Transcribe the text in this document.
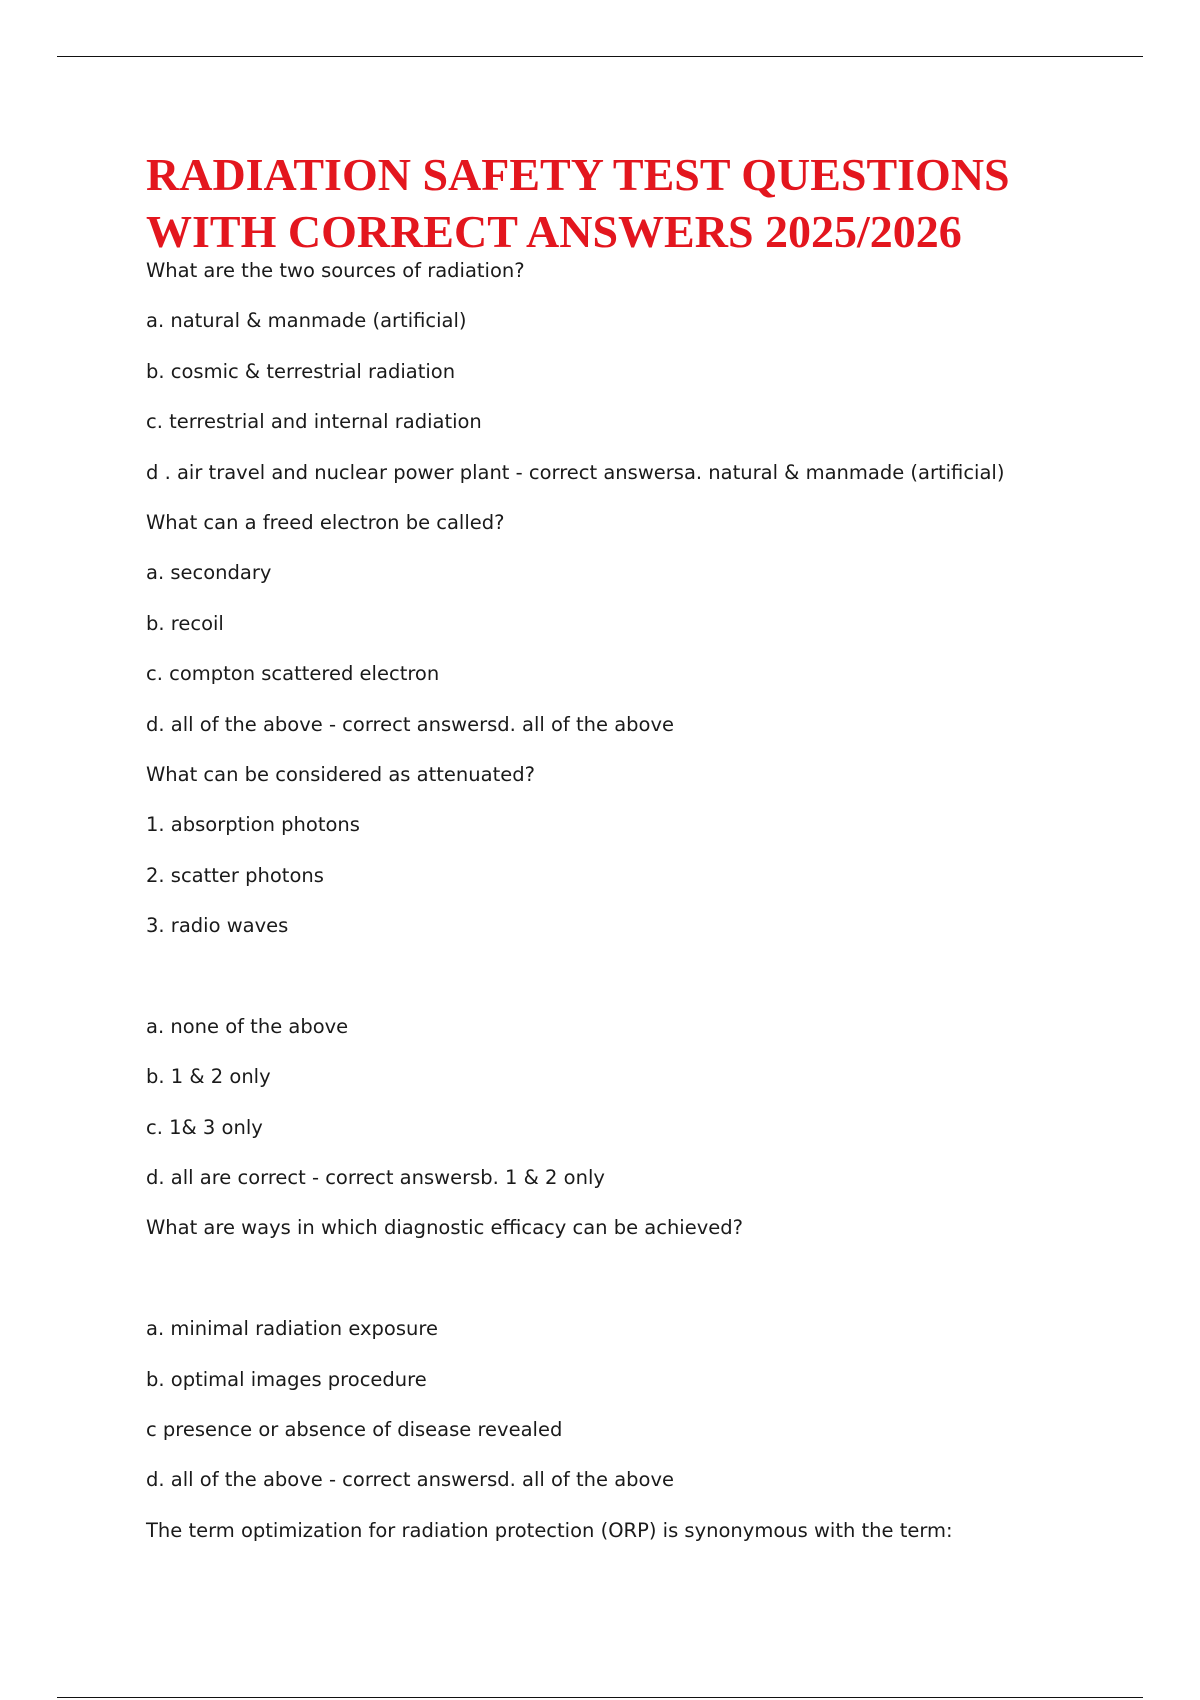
RADIATION SAFETY TEST QUESTIONS
WITH CORRECT ANSWERS 2025/2026
What are the two sources of radiation?
a. natural & manmade (artificial)
b. cosmic & terrestrial radiation
c. terrestrial and internal radiation
d . air travel and nuclear power plant - correct answersa. natural & manmade (artificial)
What can a freed electron be called?
a. secondary
b. recoil
c. compton scattered electron
d. all of the above - correct answersd. all of the above
What can be considered as attenuated?
1. absorption photons
2. scatter photons
3. radio waves
a. none of the above
b. 1 & 2 only
c. 1& 3 only
d. all are correct - correct answersb. 1 & 2 only
What are ways in which diagnostic efficacy can be achieved?
a. minimal radiation exposure
b. optimal images procedure
c presence or absence of disease revealed
d. all of the above - correct answersd. all of the above
The term optimization for radiation protection (ORP) is synonymous with the term:
